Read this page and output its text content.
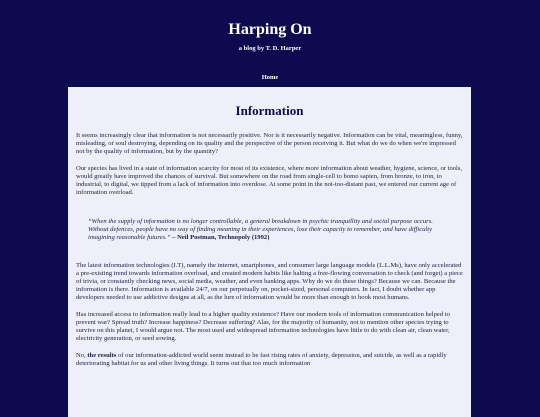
Harping On

a blog by T. D. Harper

Home
Information

It seems increasingly clear that information is not necessarily positive. Nor is it necessarily negative. Information can be vital, meaningless, funny, misleading, or soul destroying, depending on its quality and the perspective of the person receiving it. But what do we do when we're impressed not by the quality of information, but by the quantity?

Our species has lived in a state of information scarcity for most of its existence, where more information about weather, hygiene, science, or tools, would greatly have improved the chances of survival. But somewhere on the road from single-cell to homo sapien, from bronze, to iron, to industrial, to digital, we tipped from a lack of information into overdose. At some point in the not-too-distant past, we entered our current age of information overload.

“When the supply of information is no longer controllable, a general breakdown in psychic tranquillity and social purpose occurs. Without defences, people have no way of finding meaning in their experiences, lose their capacity to remember, and have difficulty imagining reasonable futures.” – Neil Postman, Technopoly (1992)

The latest information technologies (I.T), namely the internet, smartphones, and consumer large language models (L.L.Ms), have only accelerated a pre-existing trend towards information overload, and created modern habits like halting a free-flowing conversation to check (and forget) a piece of trivia, or constantly checking news, social media, weather, and even banking apps. Why do we do these things? Because we can. Because the information is there. Information is available 24/7, on our perpetually on, pocket-sized, personal computers. In fact, I doubt whether app developers needed to use addictive designs at all, as the lure of information would be more than enough to hook most humans.

Has increased access to information really lead to a higher quality existence? Have our modern tools of information communication helped to prevent war? Spread truth? Increase happiness? Decrease suffering? Alas, for the majority of humanity, not to mention other species trying to survive on this planet, I would argue not. The most used and widespread information technologies have little to do with clean air, clean water, electricity generation, or seed sowing.

No, the results of our information-addicted world seem instead to be fast rising rates of anxiety, depression, and suicide, as well as a rapidly deteriorating habitat for us and other living things. It turns out that too much information
